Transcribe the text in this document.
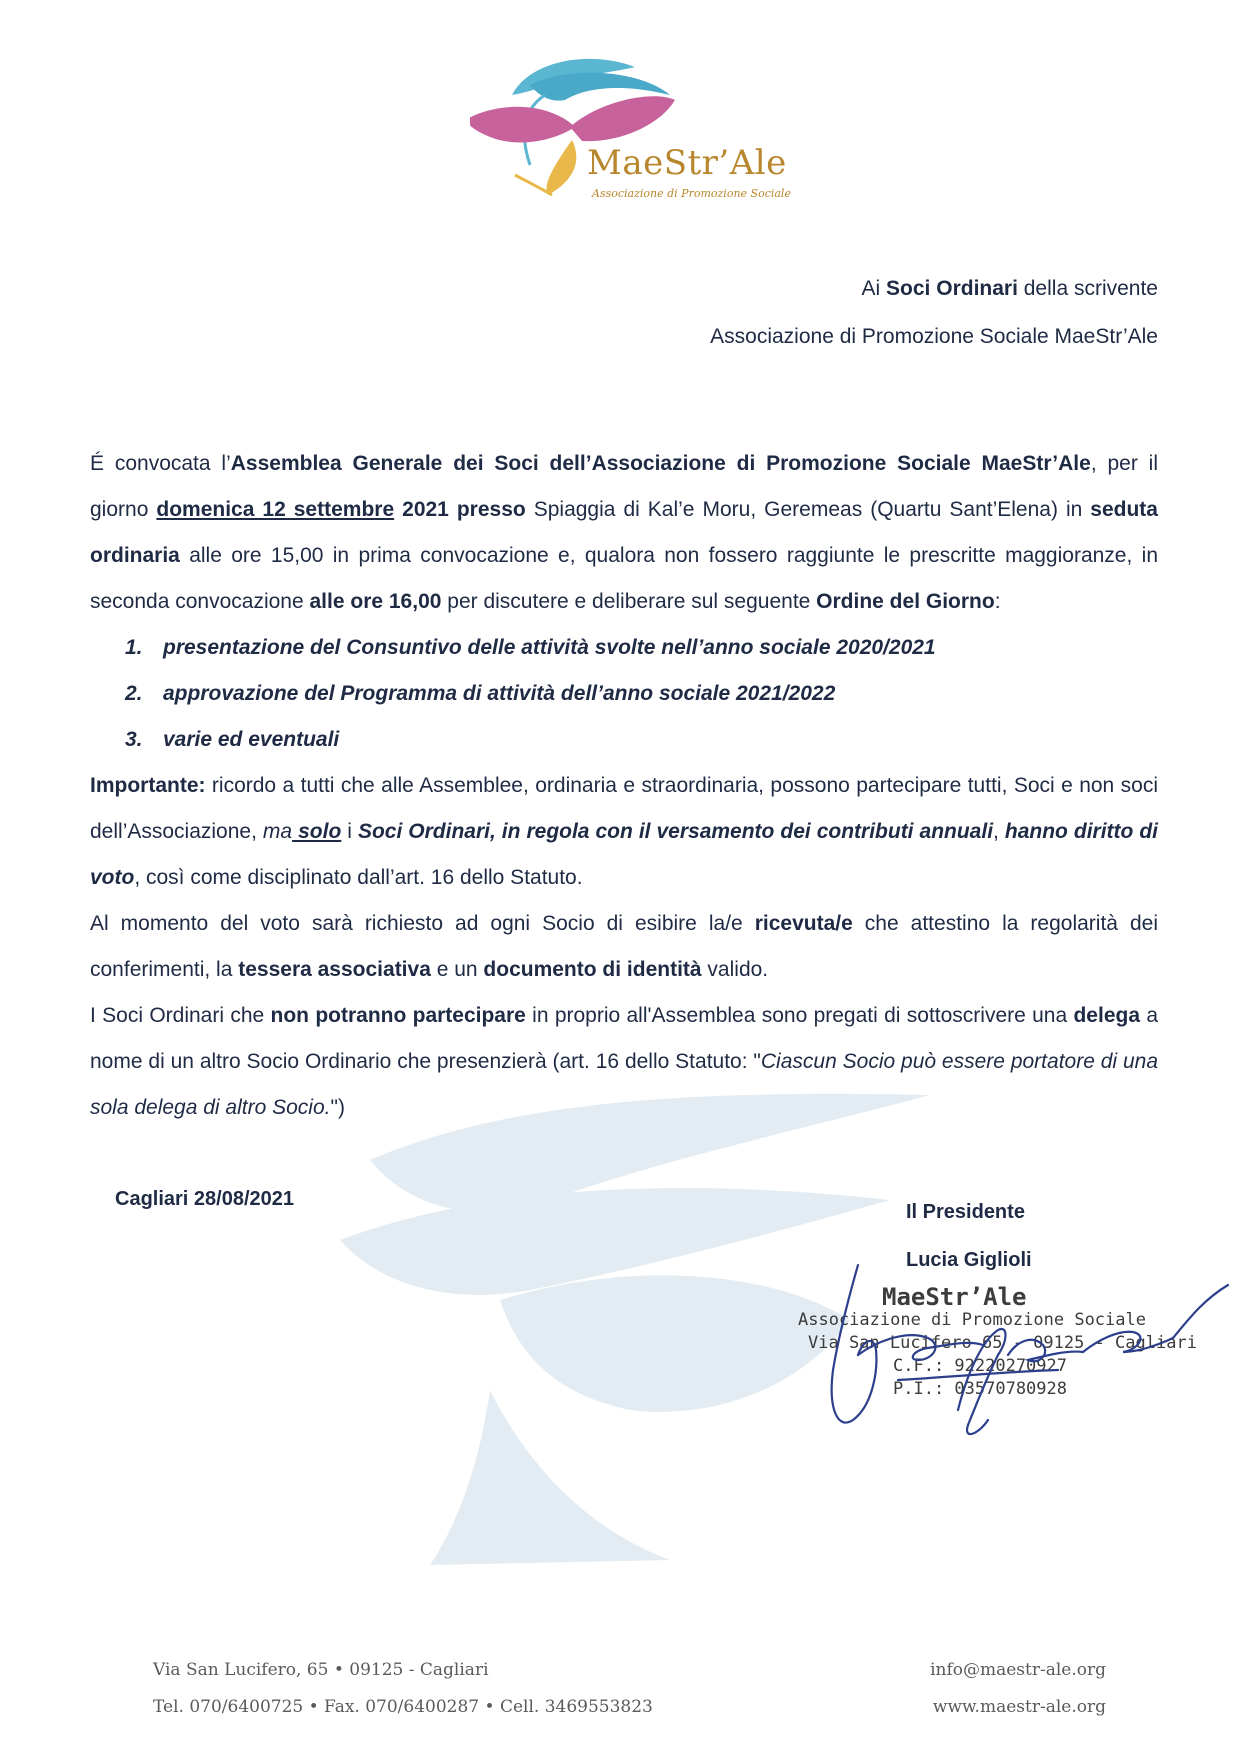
MaeStr’Ale
Associazione di Promozione Sociale
Ai Soci Ordinari della scrivente
Associazione di Promozione Sociale MaeStr’Ale

É convocata l’Assemblea Generale dei Soci dell’Associazione di Promozione Sociale MaeStr’Ale, per il giorno domenica 12 settembre 2021 presso Spiaggia di Kal’e Moru, Geremeas (Quartu Sant’Elena) in seduta ordinaria alle ore 15,00 in prima convocazione e, qualora non fossero raggiunte le prescritte maggioranze, in seconda convocazione alle ore 16,00 per discutere e deliberare sul seguente Ordine del Giorno:

1. presentazione del Consuntivo delle attività svolte nell’anno sociale 2020/2021
2. approvazione del Programma di attività dell’anno sociale 2021/2022
3. varie ed eventuali

Importante: ricordo a tutti che alle Assemblee, ordinaria e straordinaria, possono partecipare tutti, Soci e non soci dell’Associazione, ma solo i Soci Ordinari, in regola con il versamento dei contributi annuali, hanno diritto di voto, così come disciplinato dall’art. 16 dello Statuto.

Al momento del voto sarà richiesto ad ogni Socio di esibire la/e ricevuta/e che attestino la regolarità dei conferimenti, la tessera associativa e un documento di identità valido.

I Soci Ordinari che non potranno partecipare in proprio all'Assemblea sono pregati di sottoscrivere una delega a nome di un altro Socio Ordinario che presenzierà (art. 16 dello Statuto: "Ciascun Socio può essere portatore di una sola delega di altro Socio.")

Cagliari 28/08/2021
Il Presidente
Lucia Giglioli
MaeStr’Ale
Associazione di Promozione Sociale
Via San Lucifero 65 - 09125 - Cagliari
C.F.: 92220270927
P.I.: 03570780928
Via San Lucifero, 65 • 09125 - Cagliari
Tel. 070/6400725 • Fax. 070/6400287 • Cell. 3469553823
info@maestr-ale.org
www.maestr-ale.org
